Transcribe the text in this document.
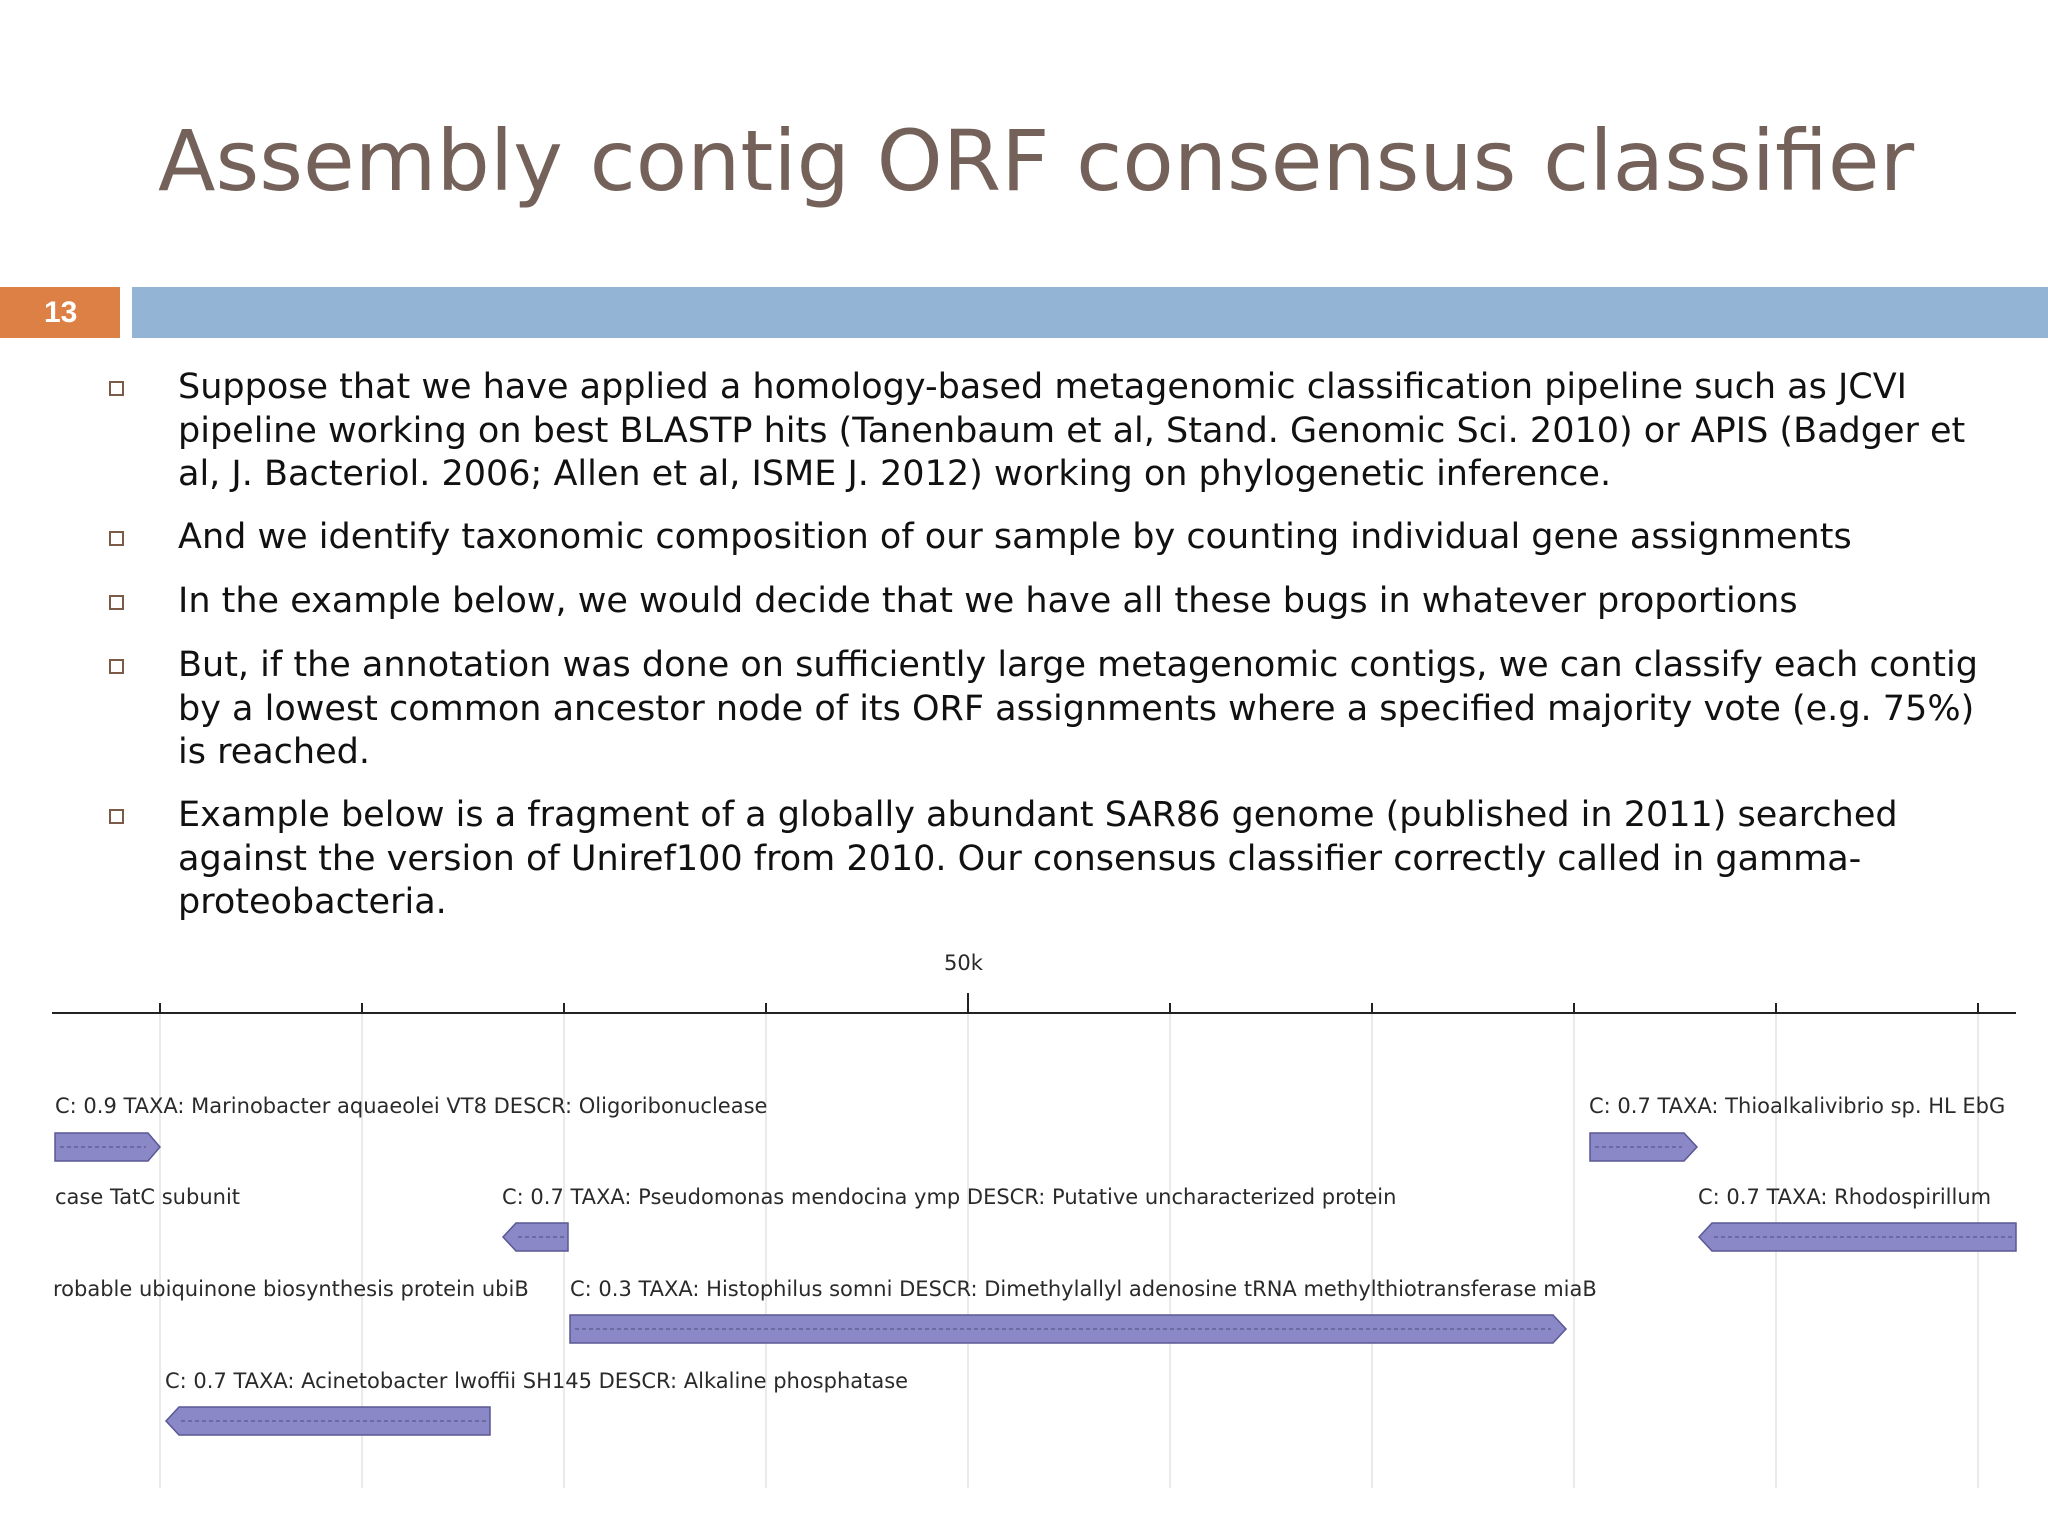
Assembly contig ORF consensus classifier
13
Suppose that we have applied a homology-based metagenomic classification pipeline such as JCVI pipeline working on best BLASTP hits (Tanenbaum et al, Stand. Genomic Sci. 2010) or APIS (Badger et al, J. Bacteriol. 2006; Allen et al, ISME J. 2012) working on phylogenetic inference.
And we identify taxonomic composition of our sample by counting individual gene assignments
In the example below, we would decide that we have all these bugs in whatever proportions
But, if the annotation was done on sufficiently large metagenomic contigs, we can classify each contig by a lowest common ancestor node of its ORF assignments where a specified majority vote (e.g. 75%) is reached.
Example below is a fragment of a globally abundant SAR86 genome (published in 2011) searched against the version of Uniref100 from 2010. Our consensus classifier correctly called in gamma-proteobacteria.
50k
C: 0.9 TAXA: Marinobacter aquaeolei VT8 DESCR: Oligoribonuclease	C: 0.7 TAXA: Thioalkalivibrio sp. HL EbG
case TatC subunit	C: 0.7 TAXA: Pseudomonas mendocina ymp DESCR: Putative uncharacterized protein	C: 0.7 TAXA: Rhodospirillum
robable ubiquinone biosynthesis protein ubiB C: 0.3 TAXA: Histophilus somni DESCR: Dimethylallyl adenosine tRNA methylthiotransferase miaB
C: 0.7 TAXA: Acinetobacter lwoffii SH145 DESCR: Alkaline phosphatase
